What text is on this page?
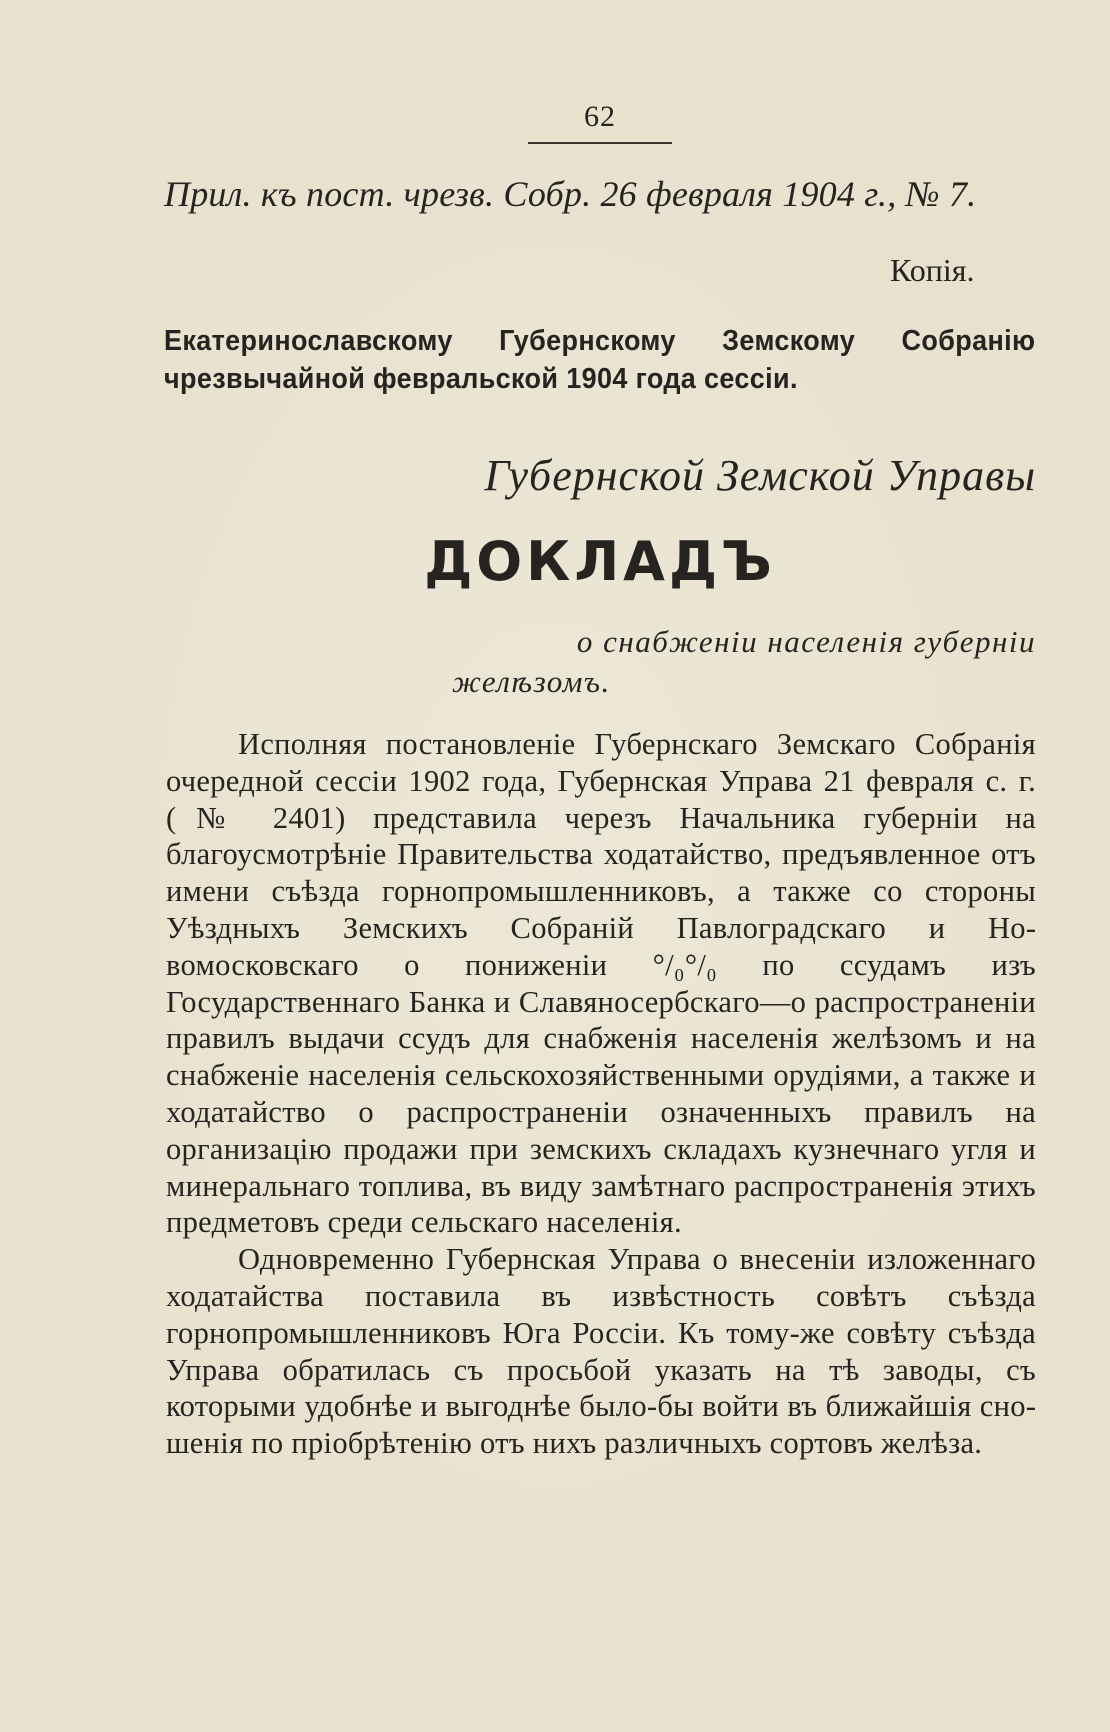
62
Прил. къ пост. чрезв. Собр. 26 февраля 1904 г., № 7.
Копія.
Екатеринославскому Губернскому Земскому Собранію
чрезвычайной февральской 1904 года сессіи.
Губернской Земской Управы
ДОКЛАДЪ
о снабженіи населенія губерніи
желѣзомъ.

Исполняя постановленіе Губернскаго Земскаго Собранія очередной сессіи 1902 года, Губернская Управа 21 февраля с. г. (№ 2401) представила черезъ Начальника губерніи на благоусмотрѣніе Правительства ходатайство, предъявленное отъ имени съѣзда горнопромышленниковъ, а также со стороны Уѣздныхъ Земскихъ Собраній Павлоградскаго и Новомосковскаго о пониженіи °/₀°/₀ по ссудамъ изъ Государственнаго Банка и Славяносербскаго—о распространеніи правилъ выдачи ссудъ для снабженія населенія желѣзомъ и на снабженіе населенія сельскохозяйственными орудіями, а также и ходатайство о распространеніи означенныхъ правилъ на организацію продажи при земскихъ складахъ кузнечнаго угля и минеральнаго топлива, въ виду замѣтнаго распространенія этихъ предметовъ среди сельскаго населенія.

Одновременно Губернская Управа о внесеніи изложеннаго ходатайства поставила въ извѣстность совѣтъ съѣзда горнопромышленниковъ Юга Россіи. Къ тому-же совѣту съѣзда Управа обратилась съ просьбой указать на тѣ заводы, съ которыми удобнѣе и выгоднѣе было-бы войти въ ближайшія сношенія по пріобрѣтенію отъ нихъ различныхъ сортовъ желѣза.
